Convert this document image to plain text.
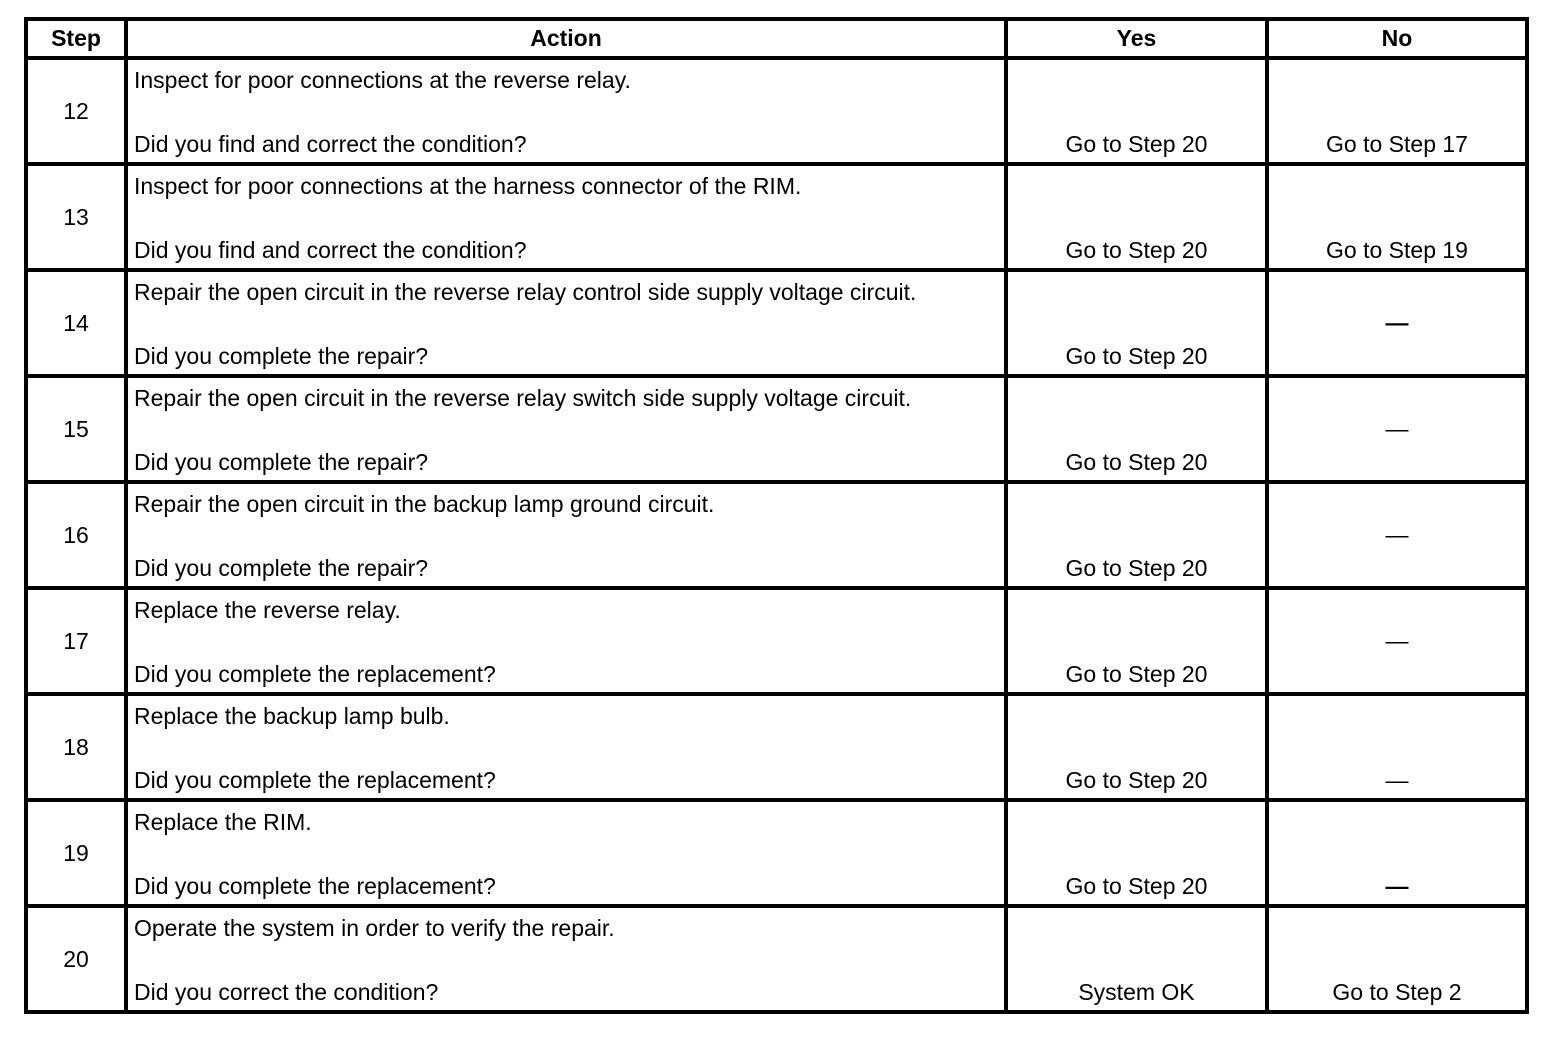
Step	Action	Yes	No
12	Inspect for poor connections at the reverse relay.
Did you find and correct the condition?	Go to Step 20	Go to Step 17

13	Inspect for poor connections at the harness connector of the RIM.
Did you find and correct the condition?	Go to Step 20	Go to Step 19

14	Repair the open circuit in the reverse relay control side supply voltage circuit.
Did you complete the repair?	Go to Step 20	—

15	Repair the open circuit in the reverse relay switch side supply voltage circuit.
Did you complete the repair?	Go to Step 20	—

16	Repair the open circuit in the backup lamp ground circuit.
Did you complete the repair?	Go to Step 20	—

17	Replace the reverse relay.
Did you complete the replacement?	Go to Step 20	—

18	Replace the backup lamp bulb.
Did you complete the replacement?	Go to Step 20	—

19	Replace the RIM.
Did you complete the replacement?	Go to Step 20	—

20	Operate the system in order to verify the repair.
Did you correct the condition?	System OK	Go to Step 2
